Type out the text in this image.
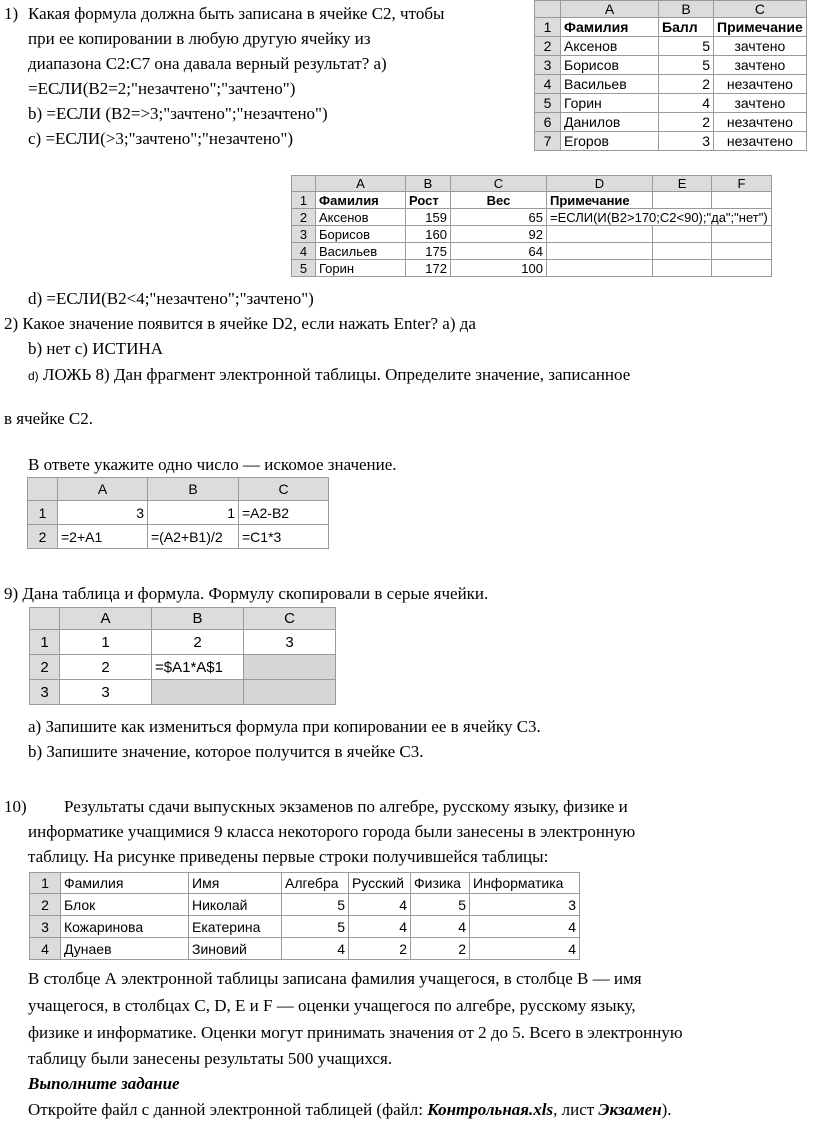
1) Какая формула должна быть записана в ячейке С2, чтобы
при ее копировании в любую другую ячейку из
диапазона С2:С7 она давала верный результат? a)
=ЕСЛИ(В2=2;"незачтено";"зачтено")
b) =ЕСЛИ (В2=>3;"зачтено";"незачтено")
c) =ЕСЛИ(>3;"зачтено";"незачтено")
	A	B	C
1	Фамилия	Балл	Примечание
2	Аксенов	5	зачтено
3	Борисов	5	зачтено
4	Васильев	2	незачтено
5	Горин	4	зачтено
6	Данилов	2	незачтено
7	Егоров	3	незачтено
	A	B	C	D	E	F
1	Фамилия	Рост	Вес	Примечание		
2	Аксенов	159	65	=ЕСЛИ(И(В2>170;С2<90);"да";"нет")		
3	Борисов	160	92			
4	Васильев	175	64			
5	Горин	172	100			
d) =ЕСЛИ(В2<4;"незачтено";"зачтено")
2) Какое значение появится в ячейке D2, если нажать Enter? a) да
b) нет c) ИСТИНА
d) ЛОЖЬ 8) Дан фрагмент электронной таблицы. Определите значение, записанное
в ячейке C2.
В ответе укажите одно число — искомое значение.
	A	B	C
1	3	1	=A2-B2
2	=2+A1	=(A2+B1)/2	=C1*3
9) Дана таблица и формула. Формулу скопировали в серые ячейки.
	A	B	C
1	1	2	3
2	2	=$A1*A$1	
3	3		
a) Запишите как измениться формула при копировании ее в ячейку С3.
b) Запишите значение, которое получится в ячейке С3.
10) Результаты сдачи выпускных экзаменов по алгебре, русскому языку, физике и
информатике учащимися 9 класса некоторого города были занесены в электронную
таблицу. На рисунке приведены первые строки получившейся таблицы:
1	Фамилия	Имя	Алгебра	Русский	Физика	Информатика
2	Блок	Николай	5	4	5	3
3	Кожаринова	Екатерина	5	4	4	4
4	Дунаев	Зиновий	4	2	2	4
В столбце А электронной таблицы записана фамилия учащегося, в столбце В — имя
учащегося, в столбцах С, D, Е и F — оценки учащегося по алгебре, русскому языку,
физике и информатике. Оценки могут принимать значения от 2 до 5. Всего в электронную
таблицу были занесены результаты 500 учащихся.
Выполните задание
Откройте файл с данной электронной таблицей (файл: Контрольная.xls, лист Экзамен).
